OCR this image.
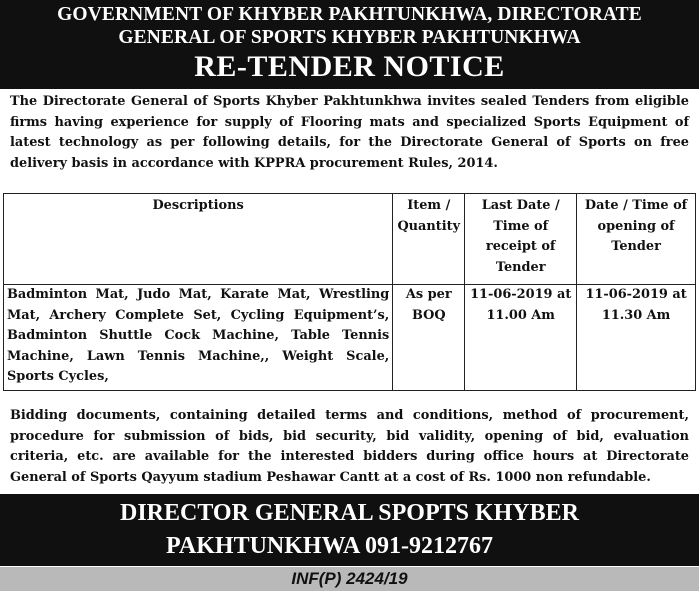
GOVERNMENT OF KHYBER PAKHTUNKHWA, DIRECTORATE
GENERAL OF SPORTS KHYBER PAKHTUNKHWA
RE-TENDER NOTICE
The Directorate General of Sports Khyber Pakhtunkhwa invites sealed Tenders from eligible firms having experience for supply of Flooring mats and specialized Sports Equipment of latest technology as per following details, for the Directorate General of Sports on free delivery basis in accordance with KPPRA procurement Rules, 2014.
Descriptions	Item / Quantity	Last Date / Time of receipt of Tender	Date / Time of opening of Tender
Badminton Mat, Judo Mat, Karate Mat, Wrestling Mat, Archery Complete Set, Cycling Equipment’s, Badminton Shuttle Cock Machine, Table Tennis Machine, Lawn Tennis Machine,, Weight Scale, Sports Cycles,	As per BOQ	11-06-2019 at 11.00 Am	11-06-2019 at 11.30 Am
Bidding documents, containing detailed terms and conditions, method of procurement, procedure for submission of bids, bid security, bid validity, opening of bid, evaluation criteria, etc. are available for the interested bidders during office hours at Directorate General of Sports Qayyum stadium Peshawar Cantt at a cost of Rs. 1000 non refundable.
DIRECTOR GENERAL SPOPTS KHYBER
PAKHTUNKHWA 091-9212767
INF(P) 2424/19
